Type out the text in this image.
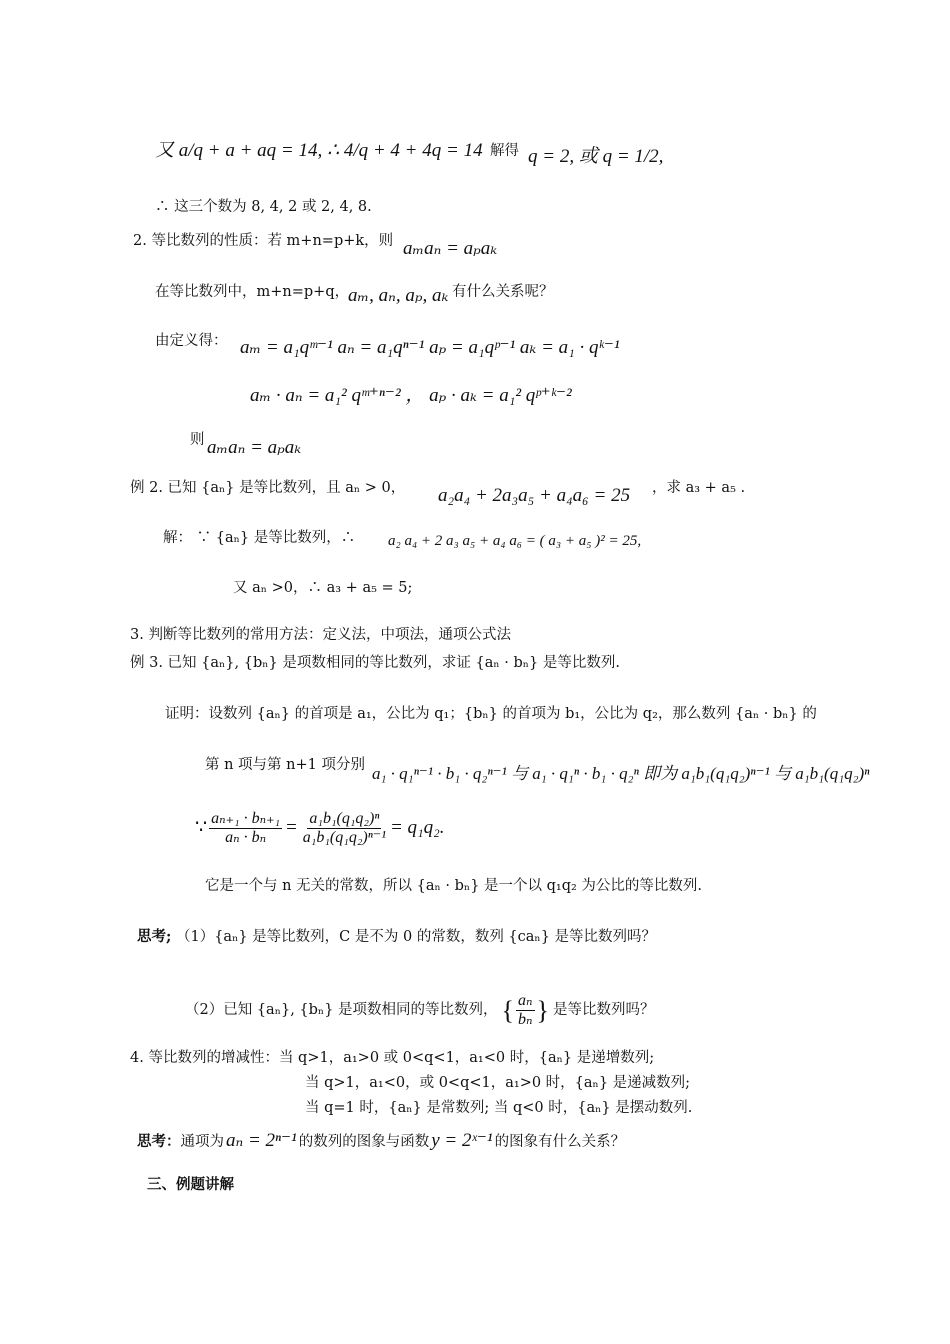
又 a/q + a + aq = 14, ∴ 4/q + 4 + 4q = 14 解得 q = 2, 或 q = 1/2,
∴ 这三个数为 8, 4, 2 或 2, 4, 8.
2. 等比数列的性质：若 m+n=p+k，则 aₘaₙ = aₚaₖ
在等比数列中，m+n=p+q，
aₘ, aₙ, aₚ, aₖ 有什么关系呢？
由定义得： aₘ = a₁qᵐ⁻¹ aₙ = a₁qⁿ⁻¹ aₚ = a₁qᵖ⁻¹ aₖ = a₁ · qᵏ⁻¹
aₘ · aₙ = a₁² qᵐ⁺ⁿ⁻² ， aₚ · aₖ = a₁² qᵖ⁺ᵏ⁻²
则 aₘaₙ = aₚaₖ
例 2. 已知 {aₙ} 是等比数列，且 aₙ > 0， a₂a₄ + 2a₃a₅ + a₄a₆ = 25 ，求 a₃ + a₅ .
解： ∵ {aₙ} 是等比数列，∴ a₂ a₄ + 2 a₃ a₅ + a₄ a₆ = ( a₃ + a₅ )² = 25,
又 aₙ >0，∴ a₃ + a₅ = 5;
3. 判断等比数列的常用方法：定义法，中项法，通项公式法
例 3. 已知 {aₙ}, {bₙ} 是项数相同的等比数列，求证 {aₙ · bₙ} 是等比数列.
证明：设数列 {aₙ} 的首项是 a₁，公比为 q₁；{bₙ} 的首项为 b₁，公比为 q₂，那么数列 {aₙ · bₙ} 的
第 n 项与第 n+1 项分别 a₁ · q₁ⁿ⁻¹ · b₁ · q₂ⁿ⁻¹ 与 a₁ · q₁ⁿ · b₁ · q₂ⁿ 即为 a₁b₁(q₁q₂)ⁿ⁻¹ 与 a₁b₁(q₁q₂)ⁿ
∵ $\frac{\text{aₙ₊₁ · bₙ₊₁}}{\text{aₙ · bₙ}} = \frac{\text{a₁b₁(q₁q₂)ⁿ}}{\text{a₁b₁(q₁q₂)ⁿ⁻¹}} = q_1q_2$.
它是一个与 n 无关的常数，所以 {aₙ · bₙ} 是一个以 q₁q₂ 为公比的等比数列.
思考; （1）{aₙ} 是等比数列，C 是不为 0 的常数，数列 {caₙ} 是等比数列吗？
（2）已知 {aₙ}, {bₙ} 是项数相同的等比数列， { $\frac{\text{aₙ}}{\text{bₙ}}$ } 是等比数列吗？
4. 等比数列的增减性：当 q>1，a₁>0 或 0<q<1，a₁<0 时，{aₙ} 是递增数列;
当 q>1，a₁<0，或 0<q<1，a₁>0 时，{aₙ} 是递减数列;
当 q=1 时，{aₙ} 是常数列; 当 q<0 时，{aₙ} 是摆动数列.
思考： 通项为 aₙ = 2ⁿ⁻¹ 的数列的图象与函数 y = 2ˣ⁻¹ 的图象有什么关系？
三、例题讲解
